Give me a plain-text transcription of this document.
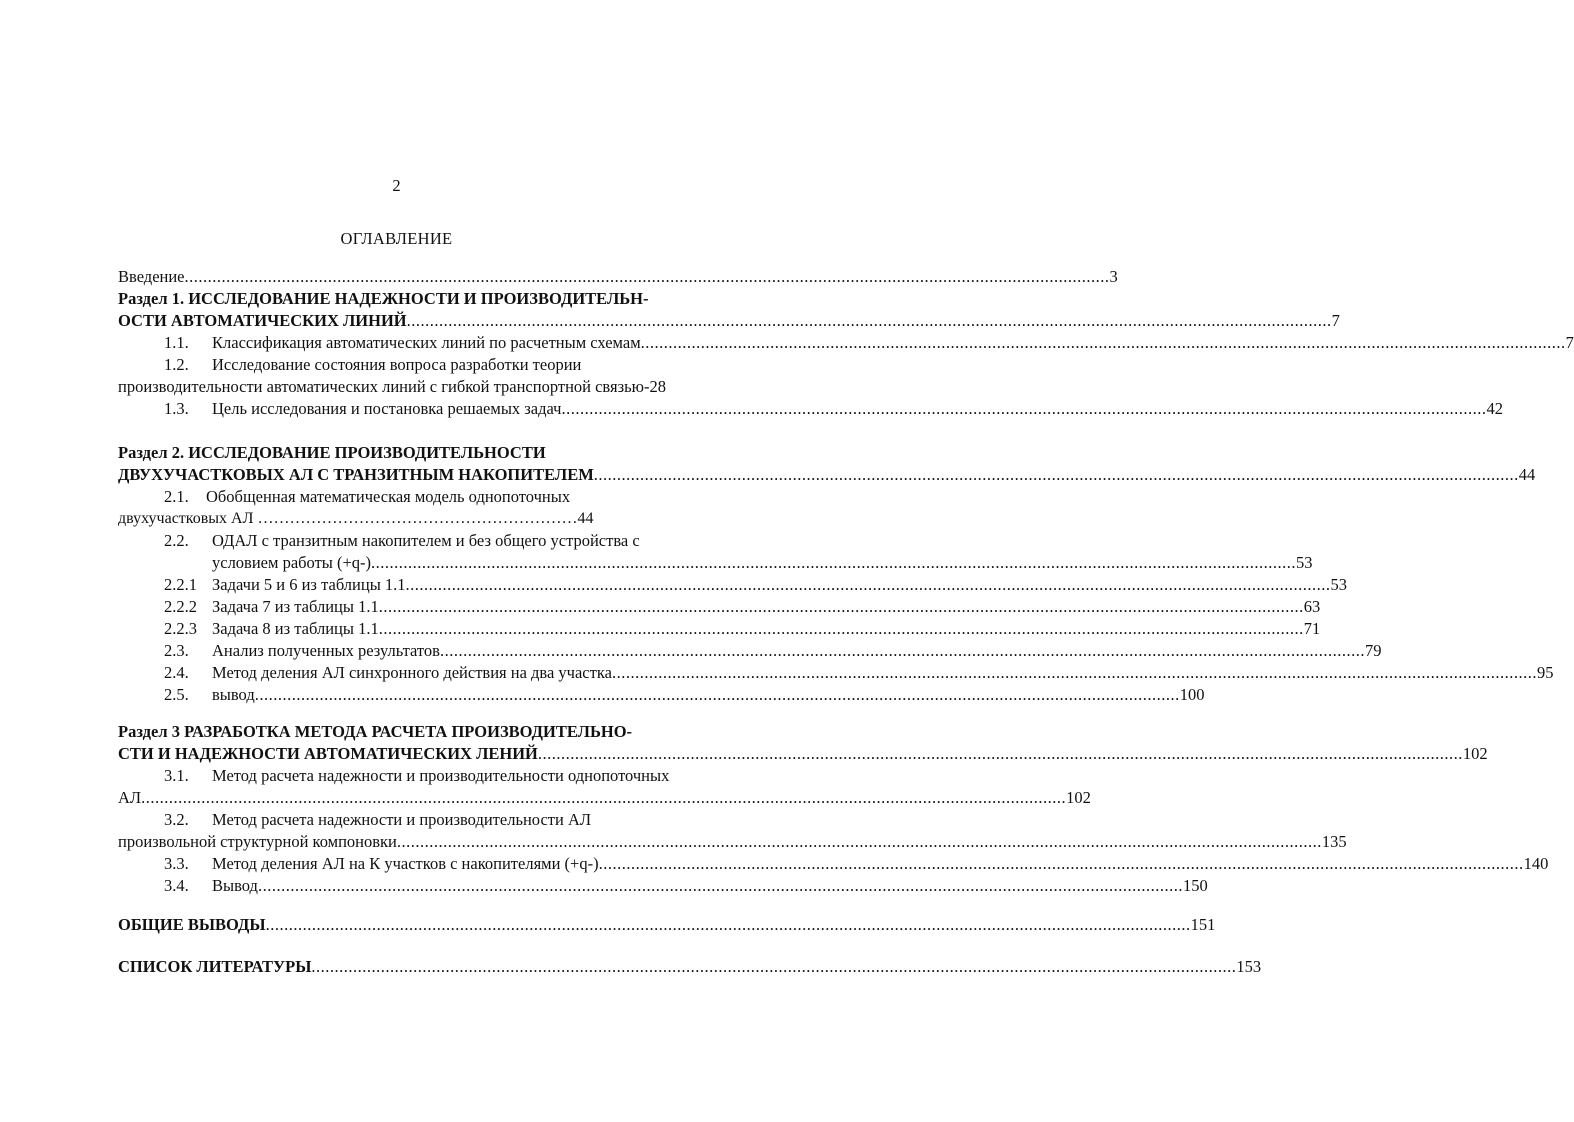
2
ОГЛАВЛЕНИЕ
Введение ........................................................................................................................................................................................................ 3
Раздел 1. ИССЛЕДОВАНИЕ НАДЕЖНОСТИ И ПРОИЗВОДИТЕЛЬН-
ОСТИ АВТОМАТИЧЕСКИХ ЛИНИЙ ........................................................................................................................................................................................................ 7
1.1.	Классификация автоматических линий по расчетным схемам ........................................................................................................................................................................................................ 7
1.2.	Исследование состояния вопроса разработки теории
производительности автоматических линий с гибкой транспортной связью-28
1.3.	Цель исследования и постановка решаемых задач ........................................................................................................................................................................................................ 42
Раздел 2. ИССЛЕДОВАНИЕ ПРОИЗВОДИТЕЛЬНОСТИ
ДВУХУЧАСТКОВЫХ АЛ С ТРАНЗИТНЫМ НАКОПИТЕЛЕМ ........................................................................................................................................................................................................ 44
2.1.	Обобщенная математическая модель однопоточных
двухучастковых АЛ ……………………………………………………44
2.2.	ОДАЛ с транзитным накопителем и без общего устройства с
условием работы (+q-) ........................................................................................................................................................................................................ 53
2.2.1 Задачи 5 и 6 из таблицы 1.1 ........................................................................................................................................................................................................ 53
2.2.2 Задача 7 из таблицы 1.1 ........................................................................................................................................................................................................ 63
2.2.3 Задача 8 из таблицы 1.1 ........................................................................................................................................................................................................ 71
2.3.	Анализ полученных результатов ........................................................................................................................................................................................................ 79
2.4.	Метод деления АЛ синхронного действия на два участка ........................................................................................................................................................................................................ 95
2.5.	вывод ........................................................................................................................................................................................................ 100
Раздел 3 РАЗРАБОТКА МЕТОДА РАСЧЕТА ПРОИЗВОДИТЕЛЬНО-
СТИ И НАДЕЖНОСТИ АВТОМАТИЧЕСКИХ ЛЕНИЙ ........................................................................................................................................................................................................ 102
3.1.	Метод расчета надежности и производительности однопоточных
АЛ ........................................................................................................................................................................................................ 102
3.2.	Метод расчета надежности и производительности АЛ
произвольной структурной компоновки ........................................................................................................................................................................................................ 135
3.3.	Метод деления АЛ на К участков с накопителями (+q-) ........................................................................................................................................................................................................ 140
3.4.	Вывод ........................................................................................................................................................................................................ 150
ОБЩИЕ ВЫВОДЫ ........................................................................................................................................................................................................ 151
СПИСОК ЛИТЕРАТУРЫ ........................................................................................................................................................................................................ 153
